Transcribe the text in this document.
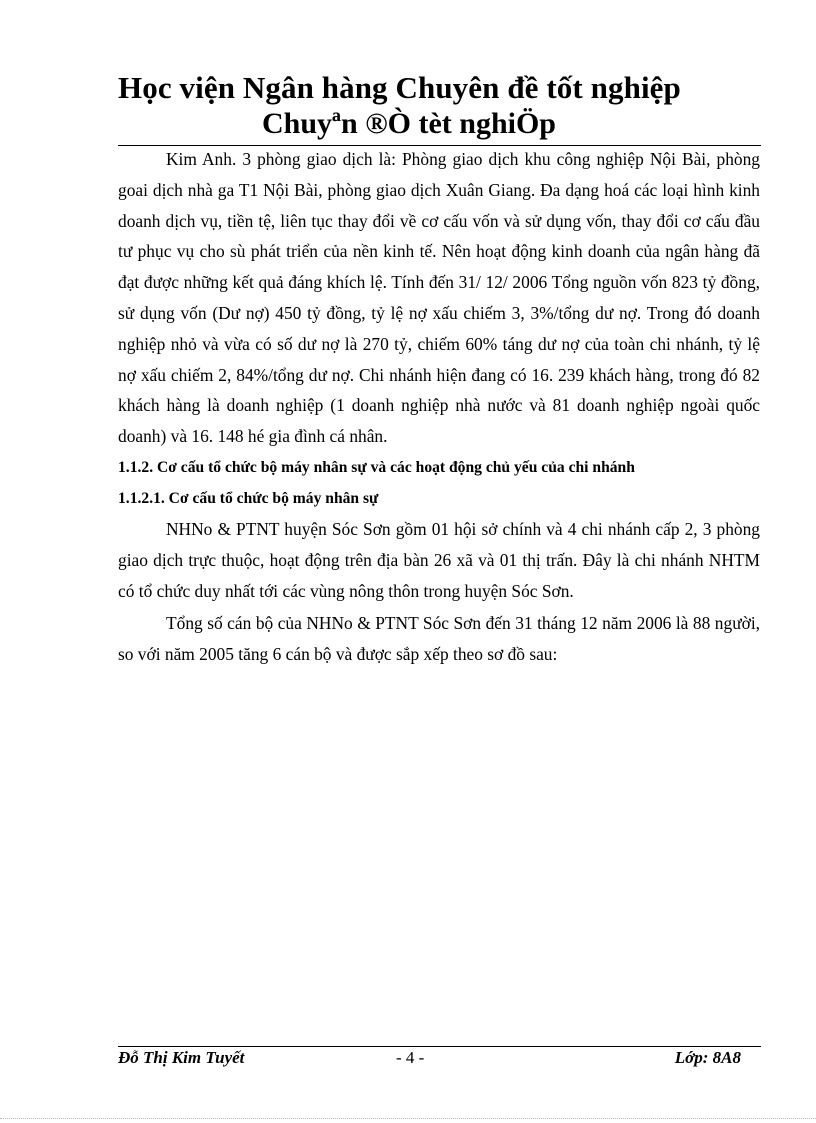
Học viện Ngân hàng Chuyên đề tốt nghiệp
Chuyªn ®Ò tèt nghiÖp

Kim Anh. 3 phòng giao dịch là: Phòng giao dịch khu công nghiệp Nội Bài, phòng goai dịch nhà ga T1 Nội Bài, phòng giao dịch Xuân Giang. Đa dạng hoá các loại hình kinh doanh dịch vụ, tiền tệ, liên tục thay đổi về cơ cấu vốn và sử dụng vốn, thay đổi cơ cấu đầu tư phục vụ cho sù phát triển của nền kinh tế. Nên hoạt động kinh doanh của ngân hàng đã đạt được những kết quả đáng khích lệ. Tính đến 31/ 12/ 2006 Tổng nguồn vốn 823 tỷ đồng, sử dụng vốn (Dư nợ) 450 tỷ đồng, tỷ lệ nợ xấu chiếm 3, 3%/tổng dư nợ. Trong đó doanh nghiệp nhỏ và vừa có số dư nợ là 270 tỷ, chiếm 60% táng dư nợ của toàn chi nhánh, tỷ lệ nợ xấu chiếm 2, 84%/tổng dư nợ. Chi nhánh hiện đang có 16. 239 khách hàng, trong đó 82 khách hàng là doanh nghiệp (1 doanh nghiệp nhà nước và 81 doanh nghiệp ngoài quốc doanh) và 16. 148 hé gia đình cá nhân.

1.1.2. Cơ cấu tổ chức bộ máy nhân sự và các hoạt động chủ yếu của chi nhánh

1.1.2.1. Cơ cấu tổ chức bộ máy nhân sự

NHNo & PTNT huyện Sóc Sơn gồm 01 hội sở chính và 4 chi nhánh cấp 2, 3 phòng giao dịch trực thuộc, hoạt động trên địa bàn 26 xã và 01 thị trấn. Đây là chi nhánh NHTM có tổ chức duy nhất tới các vùng nông thôn trong huyện Sóc Sơn.

Tổng số cán bộ của NHNo & PTNT Sóc Sơn đến 31 tháng 12 năm 2006 là 88 người, so với năm 2005 tăng 6 cán bộ và được sắp xếp theo sơ đồ sau:

Đỗ Thị Kim Tuyết	- 4 -	Lớp: 8A8
